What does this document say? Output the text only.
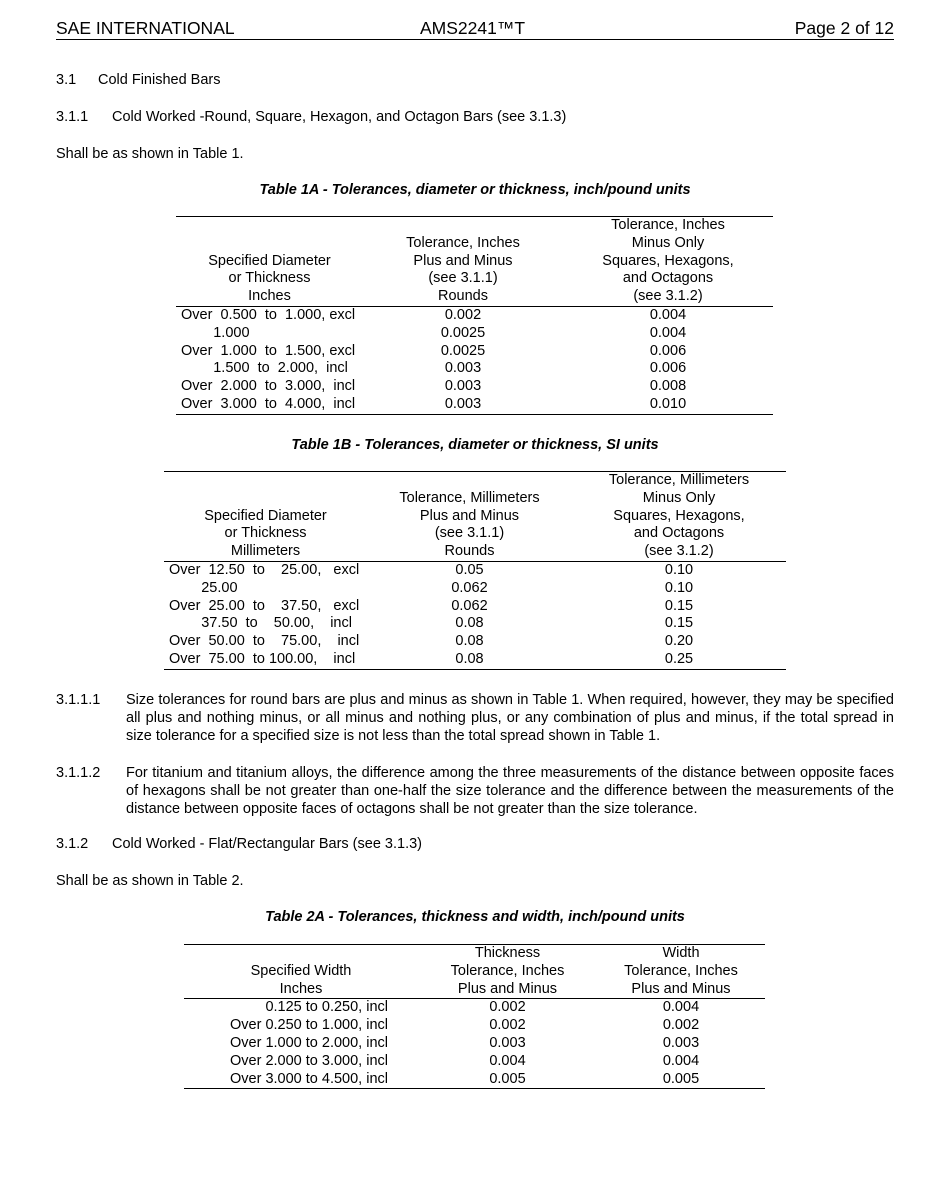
SAE INTERNATIONAL	AMS2241™T	Page 2 of 12
3.1 Cold Finished Bars
3.1.1 Cold Worked -Round, Square, Hexagon, and Octagon Bars (see 3.1.3)
Shall be as shown in Table 1.
Table 1A - Tolerances, diameter or thickness, inch/pound units
		Tolerance, Inches
	Tolerance, Inches	Minus Only
Specified Diameter	Plus and Minus	Squares, Hexagons,
or Thickness	(see 3.1.1)	and Octagons
Inches	Rounds	(see 3.1.2)
Over  0.500  to  1.000, excl	0.002	0.004
1.000	0.0025	0.004
Over  1.000  to  1.500, excl	0.0025	0.006
1.500  to  2.000,  incl	0.003	0.006
Over  2.000  to  3.000,  incl	0.003	0.008
Over  3.000  to  4.000,  incl	0.003	0.010
Table 1B - Tolerances, diameter or thickness, SI units
		Tolerance, Millimeters
	Tolerance, Millimeters	Minus Only
Specified Diameter	Plus and Minus	Squares, Hexagons,
or Thickness	(see 3.1.1)	and Octagons
Millimeters	Rounds	(see 3.1.2)
Over  12.50  to    25.00,   excl	0.05	0.10
25.00	0.062	0.10
Over  25.00  to    37.50,   excl	0.062	0.15
37.50  to    50.00,    incl	0.08	0.15
Over  50.00  to    75.00,    incl	0.08	0.20
Over  75.00  to 100.00,    incl	0.08	0.25
3.1.1.1 Size tolerances for round bars are plus and minus as shown in Table 1. When required, however, they may be specified all plus and nothing minus, or all minus and nothing plus, or any combination of plus and minus, if the total spread in size tolerance for a specified size is not less than the total spread shown in Table 1.
3.1.1.2 For titanium and titanium alloys, the difference among the three measurements of the distance between opposite faces of hexagons shall be not greater than one-half the size tolerance and the difference between the measurements of the distance between opposite faces of octagons shall be not greater than the size tolerance.
3.1.2 Cold Worked - Flat/Rectangular Bars (see 3.1.3)
Shall be as shown in Table 2.
Table 2A - Tolerances, thickness and width, inch/pound units
	Thickness	Width
Specified Width	Tolerance, Inches	Tolerance, Inches
Inches	Plus and Minus	Plus and Minus
0.125 to 0.250, incl	0.002	0.004
Over 0.250 to 1.000, incl	0.002	0.002
Over 1.000 to 2.000, incl	0.003	0.003
Over 2.000 to 3.000, incl	0.004	0.004
Over 3.000 to 4.500, incl	0.005	0.005
